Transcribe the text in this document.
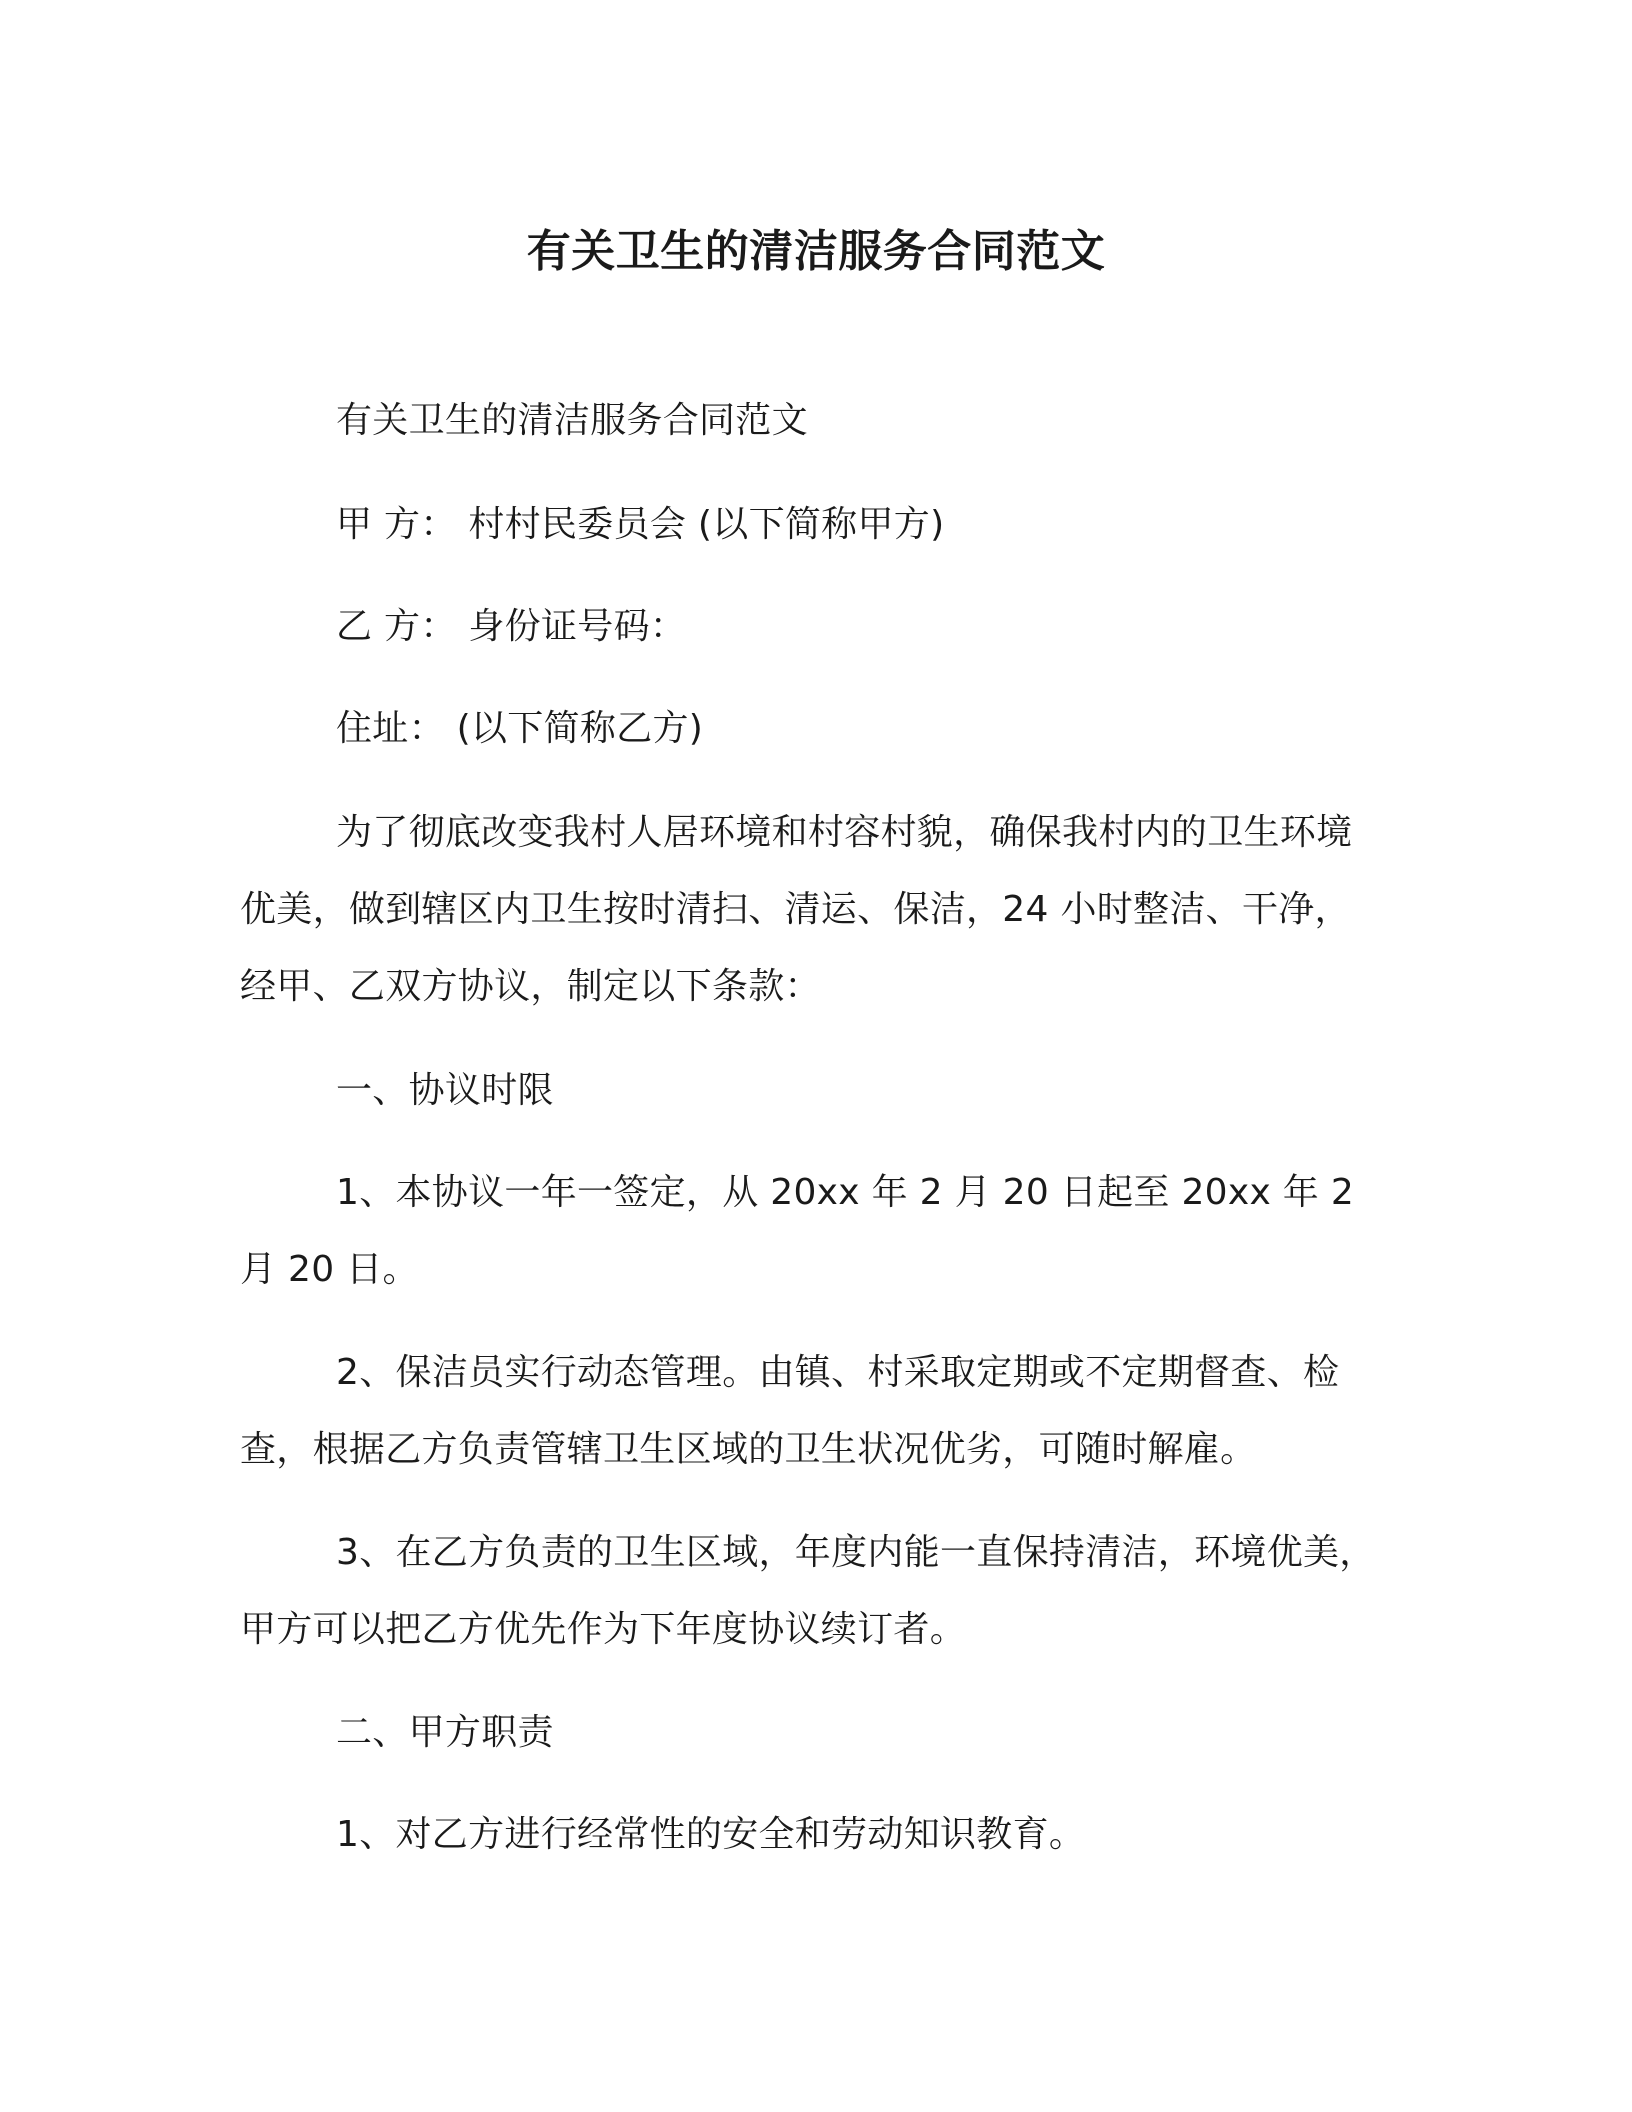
有关卫生的清洁服务合同范文
有关卫生的清洁服务合同范文
甲 方： 村村民委员会 (以下简称甲方)
乙 方： 身份证号码：
住址： (以下简称乙方)
为了彻底改变我村人居环境和村容村貌，确保我村内的卫生环境优美，做到辖区内卫生按时清扫、清运、保洁，24 小时整洁、干净，经甲、乙双方协议，制定以下条款：
一、协议时限
1、本协议一年一签定，从 20xx 年 2 月 20 日起至 20xx 年 2 月 20 日。
2、保洁员实行动态管理。由镇、村采取定期或不定期督查、检查，根据乙方负责管辖卫生区域的卫生状况优劣，可随时解雇。
3、在乙方负责的卫生区域，年度内能一直保持清洁，环境优美，甲方可以把乙方优先作为下年度协议续订者。
二、甲方职责
1、对乙方进行经常性的安全和劳动知识教育。
